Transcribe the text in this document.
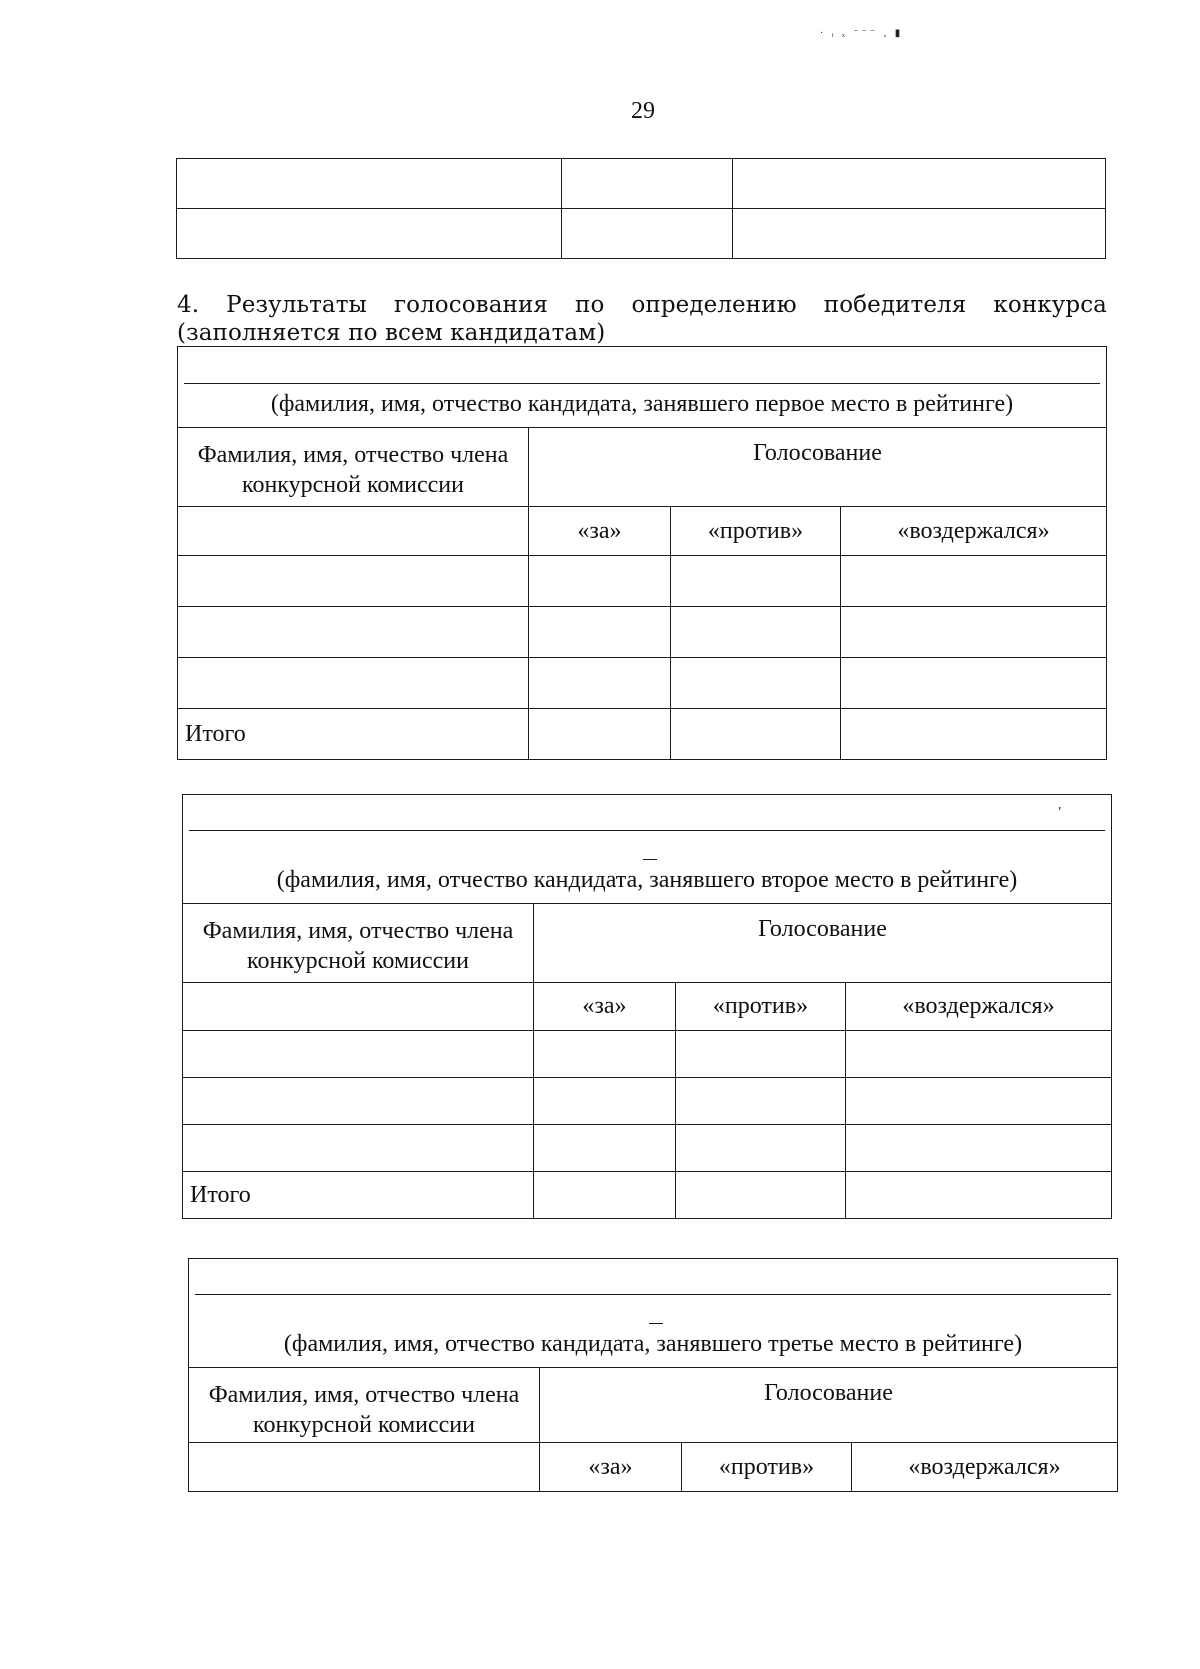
· ᵢ ₓ ⁻⁻⁻ , ▮
29

4. Результаты голосования по определению победителя конкурса (заполняется по всем кандидатам)
(фамилия, имя, отчество кандидата, занявшего первое место в рейтинге)
Фамилия, имя, отчество члена конкурсной комиссии	Голосование		
	«за»	«против»	«воздержался»

Итого			
'
(фамилия, имя, отчество кандидата, занявшего второе место в рейтинге)
Фамилия, имя, отчество члена конкурсной комиссии	Голосование		
	«за»	«против»	«воздержался»

Итого			
(фамилия, имя, отчество кандидата, занявшего третье место в рейтинге)
Фамилия, имя, отчество члена конкурсной комиссии	Голосование		
	«за»	«против»	«воздержался»
